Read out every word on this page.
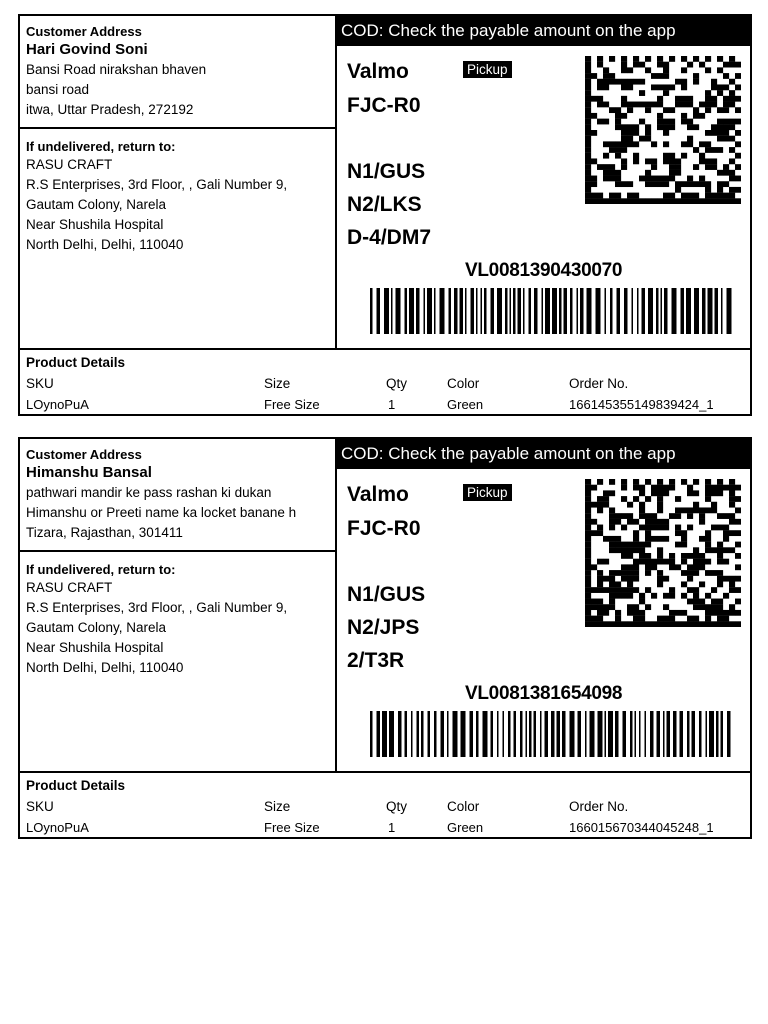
Customer Address
Hari Govind Soni
Bansi Road nirakshan bhaven
bansi road
itwa, Uttar Pradesh, 272192
If undelivered, return to:
RASU CRAFT
R.S Enterprises, 3rd Floor, , Gali Number 9,
Gautam Colony, Narela
Near Shushila Hospital
North Delhi, Delhi, 110040
COD: Check the payable amount on the app
Valmo	Pickup
FJC-R0
N1/GUS
N2/LKS
D-4/DM7
VL0081390430070
Product Details
SKU	Size	Qty	Color	Order No.
LOynoPuA	Free Size	1	Green	166145355149839424_1
Customer Address
Himanshu Bansal
pathwari mandir ke pass rashan ki dukan
Himanshu or Preeti name ka locket banane h
Tizara, Rajasthan, 301411
If undelivered, return to:
RASU CRAFT
R.S Enterprises, 3rd Floor, , Gali Number 9,
Gautam Colony, Narela
Near Shushila Hospital
North Delhi, Delhi, 110040
COD: Check the payable amount on the app
Valmo	Pickup
FJC-R0
N1/GUS
N2/JPS
2/T3R
VL0081381654098
Product Details
SKU	Size	Qty	Color	Order No.
LOynoPuA	Free Size	1	Green	166015670344045248_1
